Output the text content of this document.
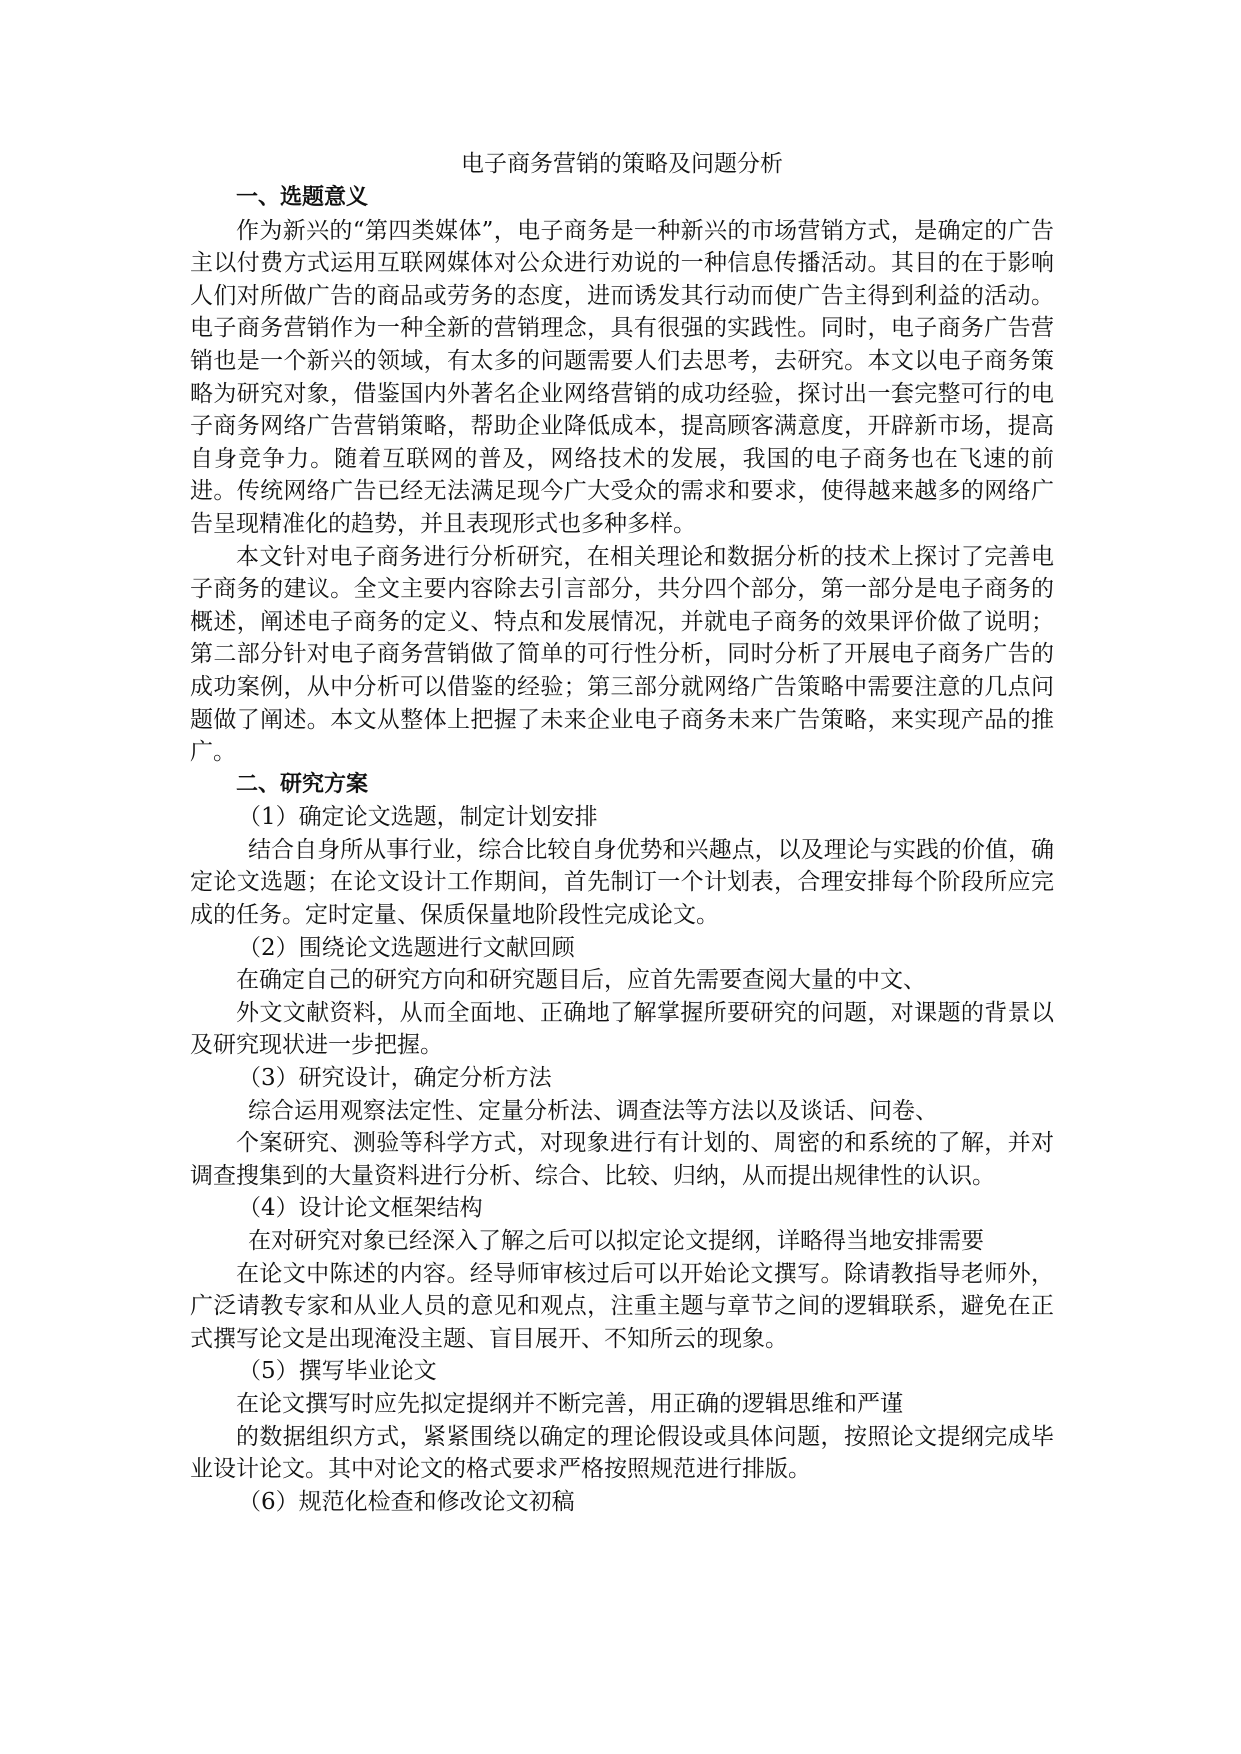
电子商务营销的策略及问题分析
一、选题意义

作为新兴的“第四类媒体”，电子商务是一种新兴的市场营销方式，是确定的广告主以付费方式运用互联网媒体对公众进行劝说的一种信息传播活动。其目的在于影响人们对所做广告的商品或劳务的态度，进而诱发其行动而使广告主得到利益的活动。电子商务营销作为一种全新的营销理念，具有很强的实践性。同时，电子商务广告营销也是一个新兴的领域，有太多的问题需要人们去思考，去研究。本文以电子商务策略为研究对象，借鉴国内外著名企业网络营销的成功经验，探讨出一套完整可行的电子商务网络广告营销策略，帮助企业降低成本，提高顾客满意度，开辟新市场，提高自身竞争力。随着互联网的普及，网络技术的发展，我国的电子商务也在飞速的前进。传统网络广告已经无法满足现今广大受众的需求和要求，使得越来越多的网络广告呈现精准化的趋势，并且表现形式也多种多样。

本文针对电子商务进行分析研究，在相关理论和数据分析的技术上探讨了完善电子商务的建议。全文主要内容除去引言部分，共分四个部分，第一部分是电子商务的概述，阐述电子商务的定义、特点和发展情况，并就电子商务的效果评价做了说明；第二部分针对电子商务营销做了简单的可行性分析，同时分析了开展电子商务广告的成功案例，从中分析可以借鉴的经验；第三部分就网络广告策略中需要注意的几点问题做了阐述。本文从整体上把握了未来企业电子商务未来广告策略，来实现产品的推广。

二、研究方案

（1）确定论文选题，制定计划安排

结合自身所从事行业，综合比较自身优势和兴趣点，以及理论与实践的价值，确定论文选题；在论文设计工作期间，首先制订一个计划表，合理安排每个阶段所应完成的任务。定时定量、保质保量地阶段性完成论文。

（2）围绕论文选题进行文献回顾

在确定自己的研究方向和研究题目后，应首先需要查阅大量的中文、

外文文献资料，从而全面地、正确地了解掌握所要研究的问题，对课题的背景以及研究现状进一步把握。

（3）研究设计，确定分析方法

综合运用观察法定性、定量分析法、调查法等方法以及谈话、问卷、

个案研究、测验等科学方式，对现象进行有计划的、周密的和系统的了解，并对调查搜集到的大量资料进行分析、综合、比较、归纳，从而提出规律性的认识。

（4）设计论文框架结构

在对研究对象已经深入了解之后可以拟定论文提纲，详略得当地安排需要

在论文中陈述的内容。经导师审核过后可以开始论文撰写。除请教指导老师外，广泛请教专家和从业人员的意见和观点，注重主题与章节之间的逻辑联系，避免在正式撰写论文是出现淹没主题、盲目展开、不知所云的现象。

（5）撰写毕业论文

在论文撰写时应先拟定提纲并不断完善，用正确的逻辑思维和严谨

的数据组织方式，紧紧围绕以确定的理论假设或具体问题，按照论文提纲完成毕业设计论文。其中对论文的格式要求严格按照规范进行排版。

（6）规范化检查和修改论文初稿
